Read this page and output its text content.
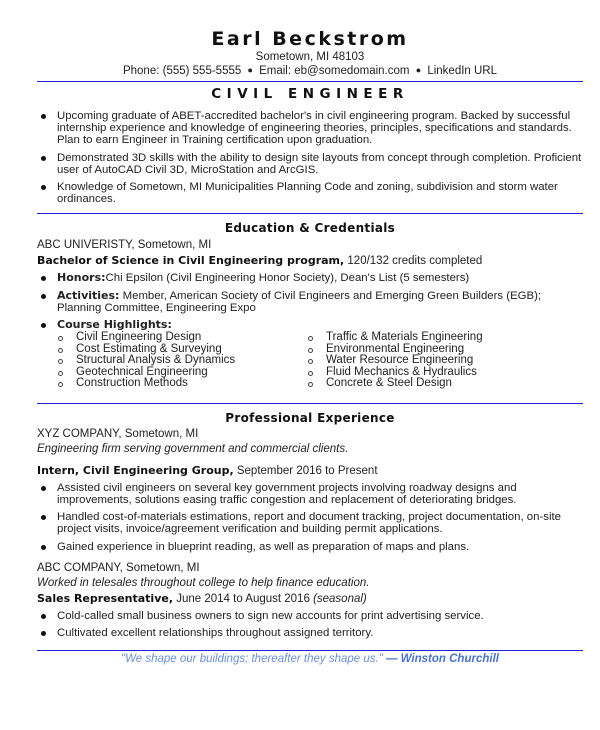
Earl Beckstrom
Sometown, MI 48103
Phone: (555) 555-5555 ● Email: eb@somedomain.com ● LinkedIn URL
CIVIL ENGINEER
Upcoming graduate of ABET-accredited bachelor's in civil engineering program. Backed by successful internship experience and knowledge of engineering theories, principles, specifications and standards. Plan to earn Engineer in Training certification upon graduation.
Demonstrated 3D skills with the ability to design site layouts from concept through completion. Proficient user of AutoCAD Civil 3D, MicroStation and ArcGIS.
Knowledge of Sometown, MI Municipalities Planning Code and zoning, subdivision and storm water ordinances.
Education & Credentials
ABC UNIVERISTY, Sometown, MI
Bachelor of Science in Civil Engineering program, 120/132 credits completed
Honors:Chi Epsilon (Civil Engineering Honor Society), Dean's List (5 semesters)
Activities: Member, American Society of Civil Engineers and Emerging Green Builders (EGB); Planning Committee, Engineering Expo
Course Highlights:
Civil Engineering Design
Cost Estimating & Surveying
Structural Analysis & Dynamics
Geotechnical Engineering
Construction Methods
Traffic & Materials Engineering
Environmental Engineering
Water Resource Engineering
Fluid Mechanics & Hydraulics
Concrete & Steel Design
Professional Experience
XYZ COMPANY, Sometown, MI
Engineering firm serving government and commercial clients.
Intern, Civil Engineering Group, September 2016 to Present
Assisted civil engineers on several key government projects involving roadway designs and improvements, solutions easing traffic congestion and replacement of deteriorating bridges.
Handled cost-of-materials estimations, report and document tracking, project documentation, on-site project visits, invoice/agreement verification and building permit applications.
Gained experience in blueprint reading, as well as preparation of maps and plans.
ABC COMPANY, Sometown, MI
Worked in telesales throughout college to help finance education.
Sales Representative, June 2014 to August 2016 (seasonal)
Cold-called small business owners to sign new accounts for print advertising service.
Cultivated excellent relationships throughout assigned territory.
"We shape our buildings; thereafter they shape us." — Winston Churchill
